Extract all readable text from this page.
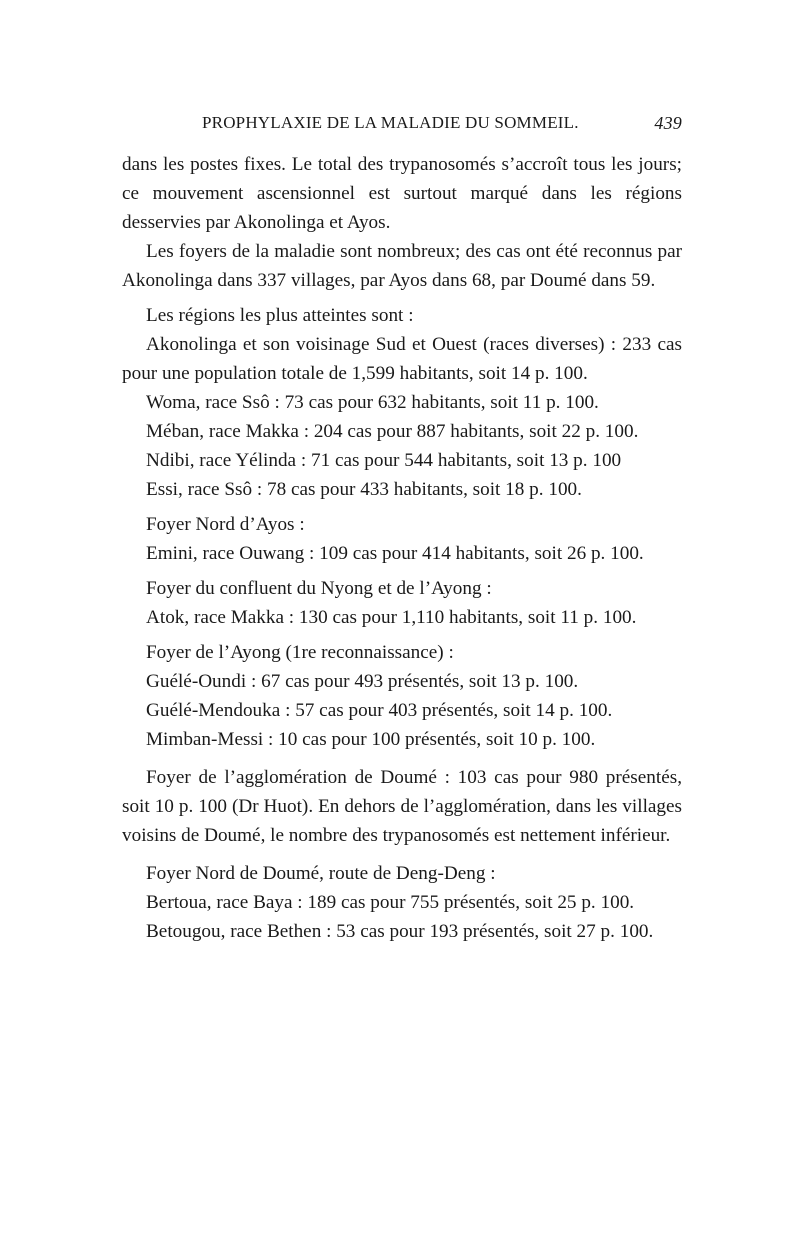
PROPHYLAXIE DE LA MALADIE DU SOMMEIL.	439

dans les postes fixes. Le total des trypanosomés s’accroît tous les jours; ce mouvement ascensionnel est surtout marqué dans les régions desservies par Akonolinga et Ayos.

Les foyers de la maladie sont nombreux; des cas ont été reconnus par Akonolinga dans 337 villages, par Ayos dans 68, par Doumé dans 59.

Les régions les plus atteintes sont :

Akonolinga et son voisinage Sud et Ouest (races diverses) : 233 cas pour une population totale de 1,599 habitants, soit 14 p. 100.

Woma, race Ssô : 73 cas pour 632 habitants, soit 11 p. 100.

Méban, race Makka : 204 cas pour 887 habitants, soit 22 p. 100.

Ndibi, race Yélinda : 71 cas pour 544 habitants, soit 13 p. 100

Essi, race Ssô : 78 cas pour 433 habitants, soit 18 p. 100.

Foyer Nord d’Ayos :

Emini, race Ouwang : 109 cas pour 414 habitants, soit 26 p. 100.

Foyer du confluent du Nyong et de l’Ayong :

Atok, race Makka : 130 cas pour 1,110 habitants, soit 11 p. 100.

Foyer de l’Ayong (1re reconnaissance) :

Guélé-Oundi : 67 cas pour 493 présentés, soit 13 p. 100.

Guélé-Mendouka : 57 cas pour 403 présentés, soit 14 p. 100.

Mimban-Messi : 10 cas pour 100 présentés, soit 10 p. 100.

Foyer de l’agglomération de Doumé : 103 cas pour 980 présentés, soit 10 p. 100 (Dr Huot). En dehors de l’agglomération, dans les villages voisins de Doumé, le nombre des trypanosomés est nettement inférieur.

Foyer Nord de Doumé, route de Deng-Deng :

Bertoua, race Baya : 189 cas pour 755 présentés, soit 25 p. 100.

Betougou, race Bethen : 53 cas pour 193 présentés, soit 27 p. 100.
